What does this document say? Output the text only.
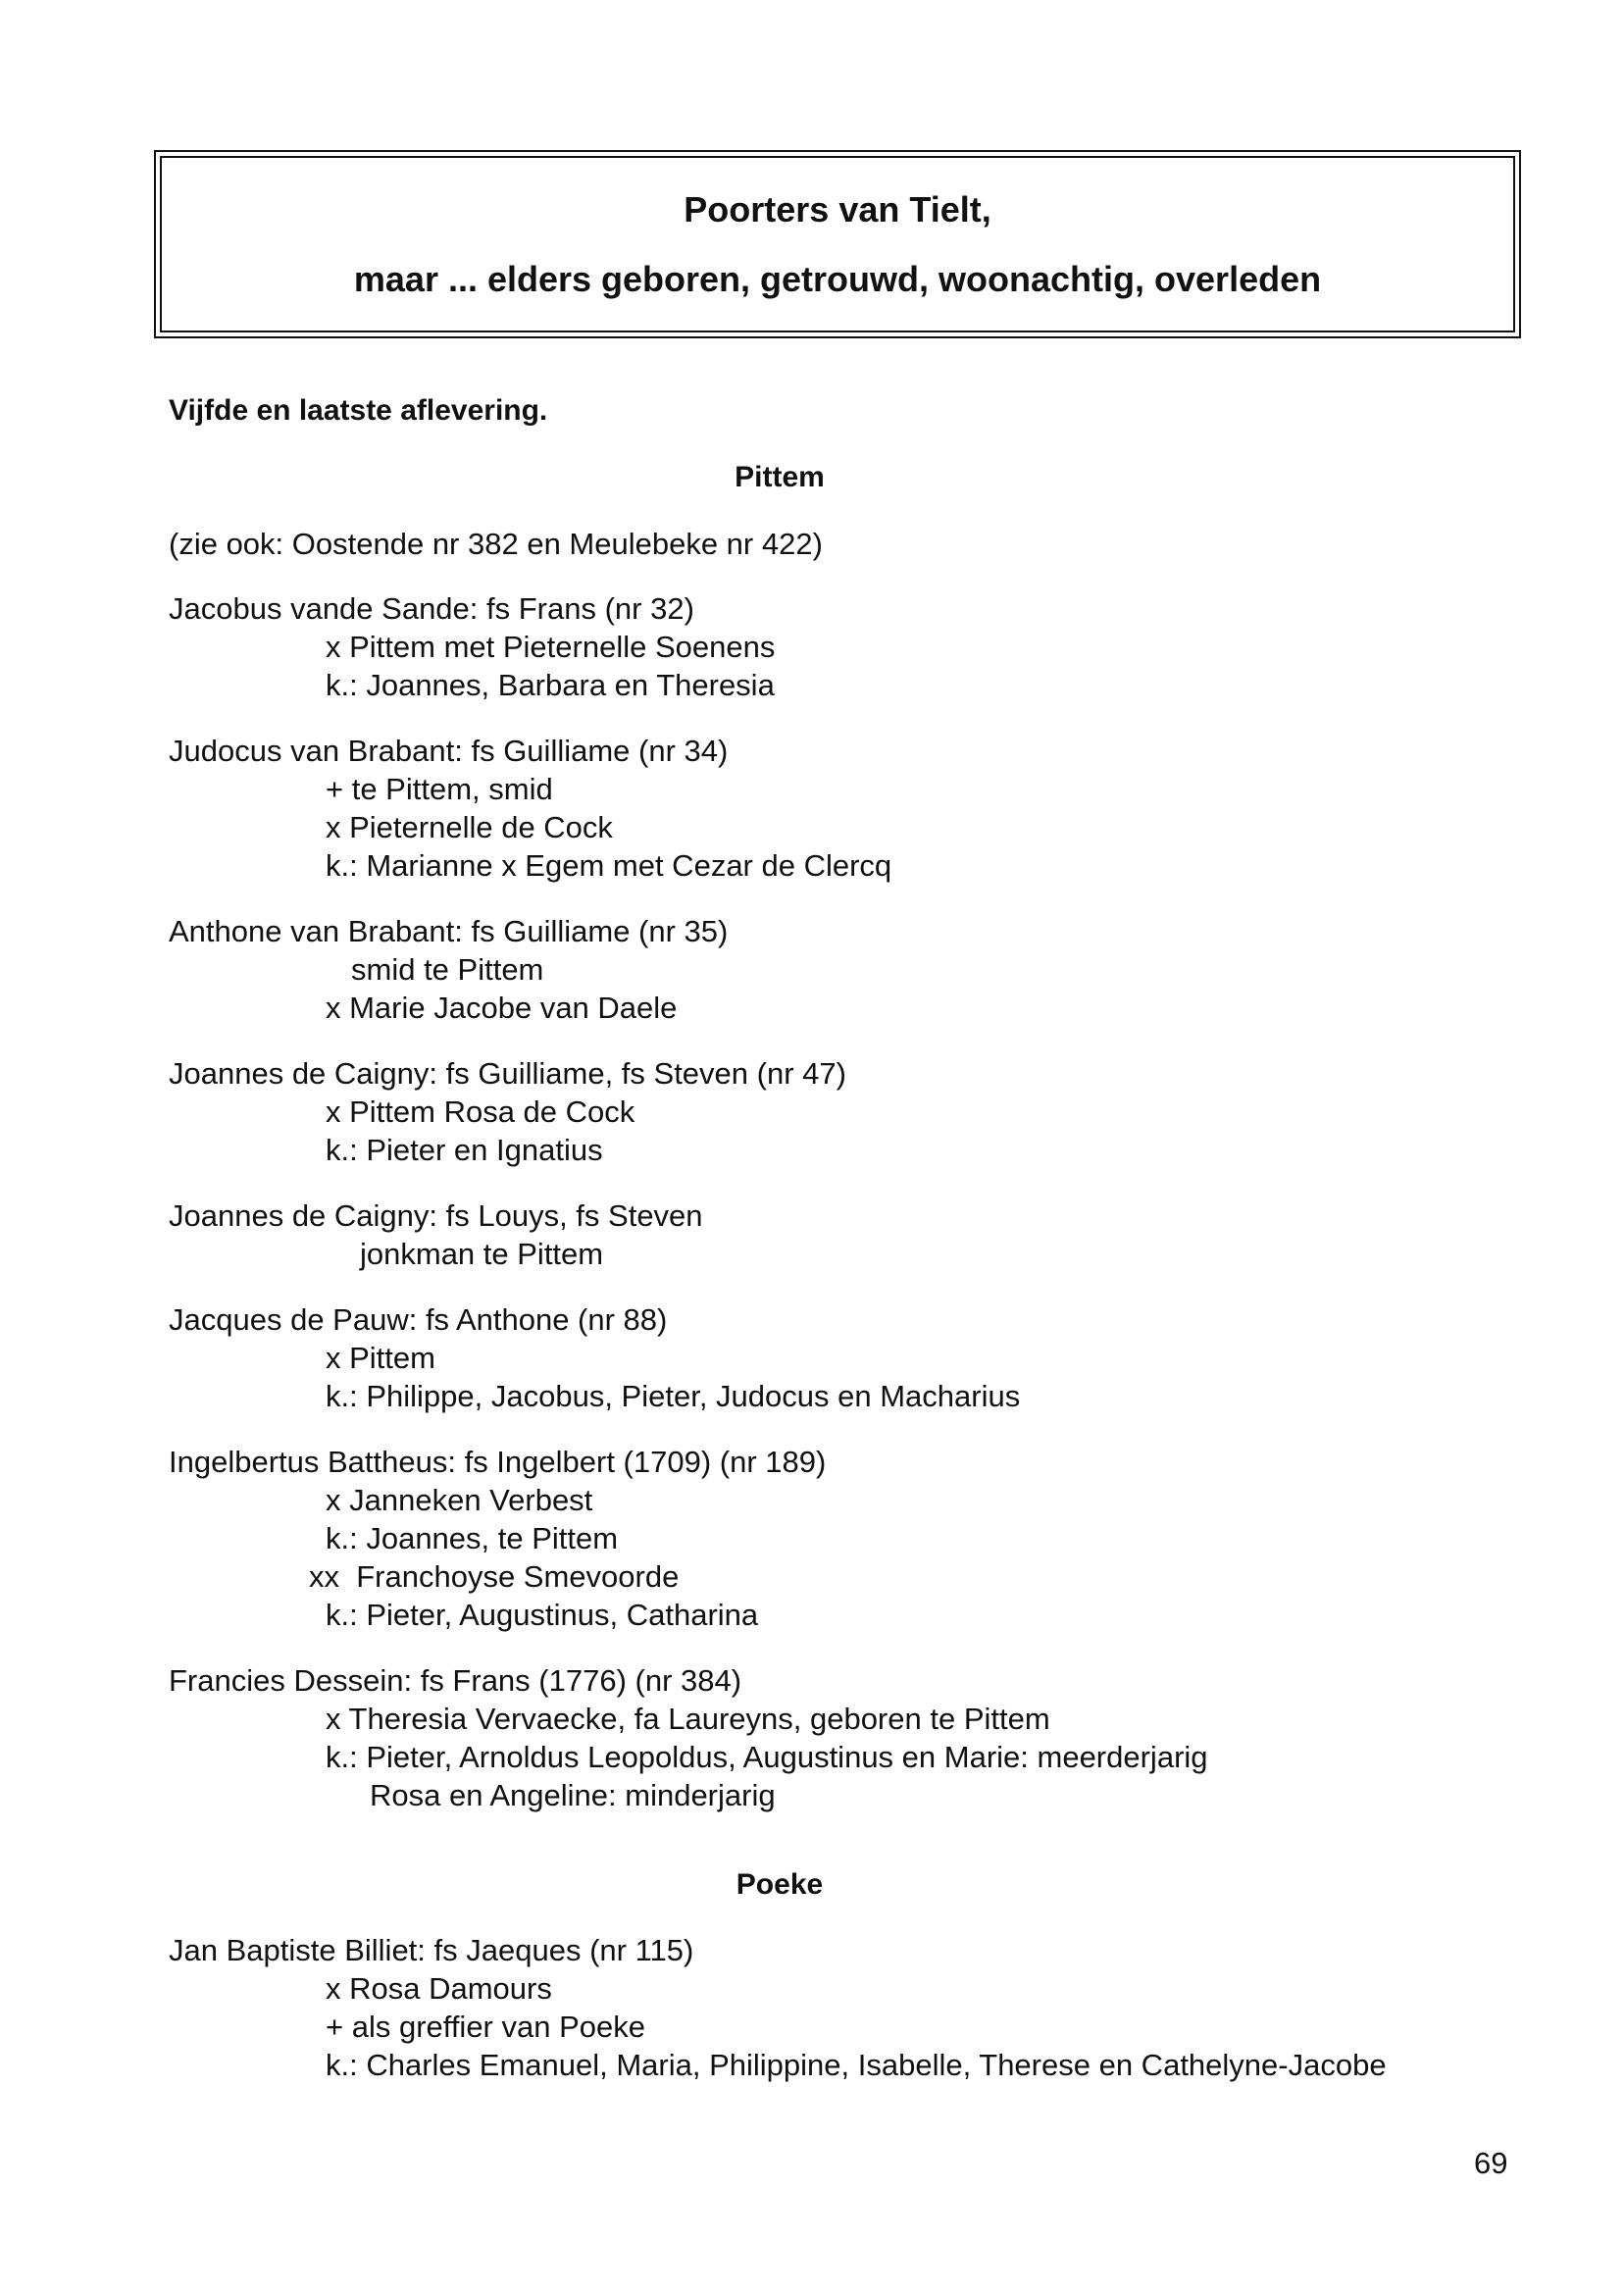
Poorters van Tielt,
maar ... elders geboren, getrouwd, woonachtig, overleden
Vijfde en laatste aflevering.
Pittem
(zie ook: Oostende nr 382 en Meulebeke nr 422)
Jacobus vande Sande: fs Frans (nr 32)
x Pittem met Pieternelle Soenens
k.: Joannes, Barbara en Theresia
Judocus van Brabant: fs Guilliame (nr 34)
+ te Pittem, smid
x Pieternelle de Cock
k.: Marianne x Egem met Cezar de Clercq
Anthone van Brabant: fs Guilliame (nr 35)
smid te Pittem
x Marie Jacobe van Daele
Joannes de Caigny: fs Guilliame, fs Steven (nr 47)
x Pittem Rosa de Cock
k.: Pieter en Ignatius
Joannes de Caigny: fs Louys, fs Steven
jonkman te Pittem
Jacques de Pauw: fs Anthone (nr 88)
x Pittem
k.: Philippe, Jacobus, Pieter, Judocus en Macharius
Ingelbertus Battheus: fs Ingelbert (1709) (nr 189)
x Janneken Verbest
k.: Joannes, te Pittem
xx  Franchoyse Smevoorde
k.: Pieter, Augustinus, Catharina
Francies Dessein: fs Frans (1776) (nr 384)
x Theresia Vervaecke, fa Laureyns, geboren te Pittem
k.: Pieter, Arnoldus Leopoldus, Augustinus en Marie: meerderjarig
Rosa en Angeline: minderjarig
Poeke
Jan Baptiste Billiet: fs Jaeques (nr 115)
x Rosa Damours
+ als greffier van Poeke
k.: Charles Emanuel, Maria, Philippine, Isabelle, Therese en Cathelyne-Jacobe
69
